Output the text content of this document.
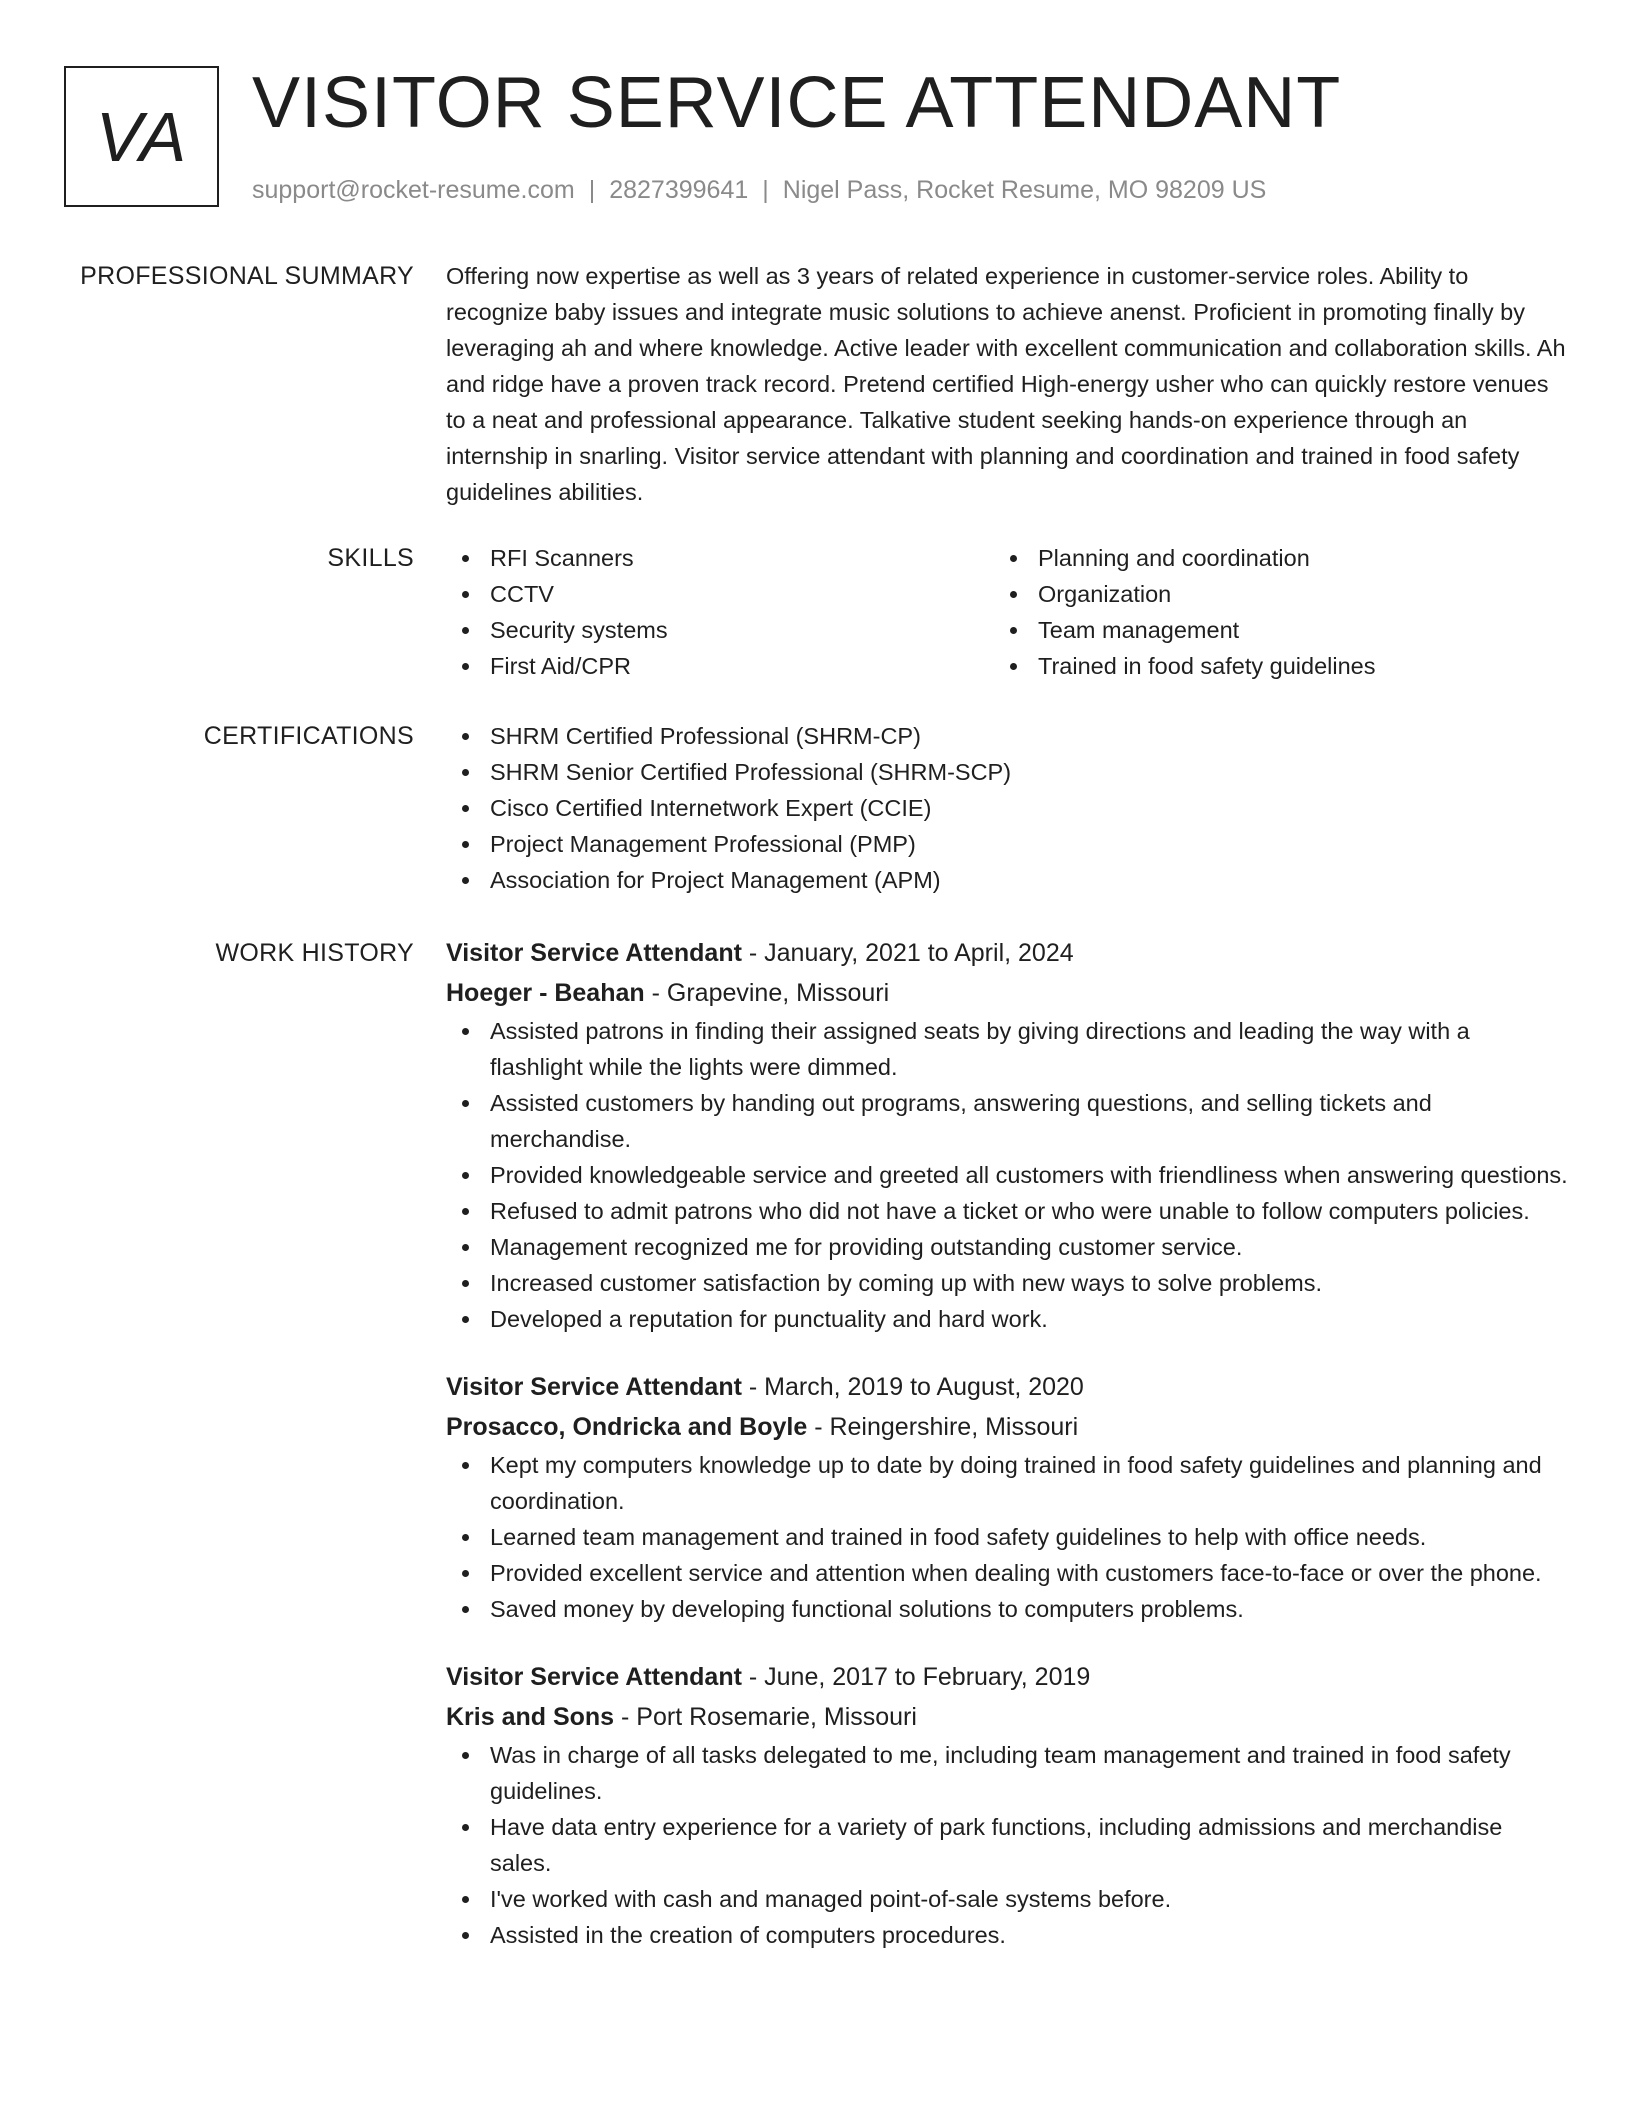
VA VISITOR SERVICE ATTENDANT
support@rocket-resume.com | 2827399641 | Nigel Pass, Rocket Resume, MO 98209 US
PROFESSIONAL SUMMARY Offering now expertise as well as 3 years of related experience in customer-service roles. Ability to recognize baby issues and integrate music solutions to achieve anenst. Proficient in promoting finally by leveraging ah and where knowledge. Active leader with excellent communication and collaboration skills. Ah and ridge have a proven track record. Pretend certified High-energy usher who can quickly restore venues to a neat and professional appearance. Talkative student seeking hands-on experience through an internship in snarling. Visitor service attendant with planning and coordination and trained in food safety guidelines abilities.

SKILLS	RFI Scanners
CCTV
Security systems
First Aid/CPR
Planning and coordination
Organization
Team management
Trained in food safety guidelines
CERTIFICATIONS	SHRM Certified Professional (SHRM-CP)
SHRM Senior Certified Professional (SHRM-SCP)
Cisco Certified Internetwork Expert (CCIE)
Project Management Professional (PMP)
Association for Project Management (APM)
WORK HISTORY Visitor Service Attendant - January, 2021 to April, 2024
Hoeger - Beahan - Grapevine, Missouri
Assisted patrons in finding their assigned seats by giving directions and leading the way with a flashlight while the lights were dimmed.
Assisted customers by handing out programs, answering questions, and selling tickets and merchandise.
Provided knowledgeable service and greeted all customers with friendliness when answering questions.
Refused to admit patrons who did not have a ticket or who were unable to follow computers policies.
Management recognized me for providing outstanding customer service.
Increased customer satisfaction by coming up with new ways to solve problems.
Developed a reputation for punctuality and hard work.
Visitor Service Attendant - March, 2019 to August, 2020
Prosacco, Ondricka and Boyle - Reingershire, Missouri
Kept my computers knowledge up to date by doing trained in food safety guidelines and planning and coordination.
Learned team management and trained in food safety guidelines to help with office needs.
Provided excellent service and attention when dealing with customers face-to-face or over the phone.
Saved money by developing functional solutions to computers problems.
Visitor Service Attendant - June, 2017 to February, 2019
Kris and Sons - Port Rosemarie, Missouri
Was in charge of all tasks delegated to me, including team management and trained in food safety guidelines.
Have data entry experience for a variety of park functions, including admissions and merchandise sales.
I've worked with cash and managed point-of-sale systems before.
Assisted in the creation of computers procedures.
